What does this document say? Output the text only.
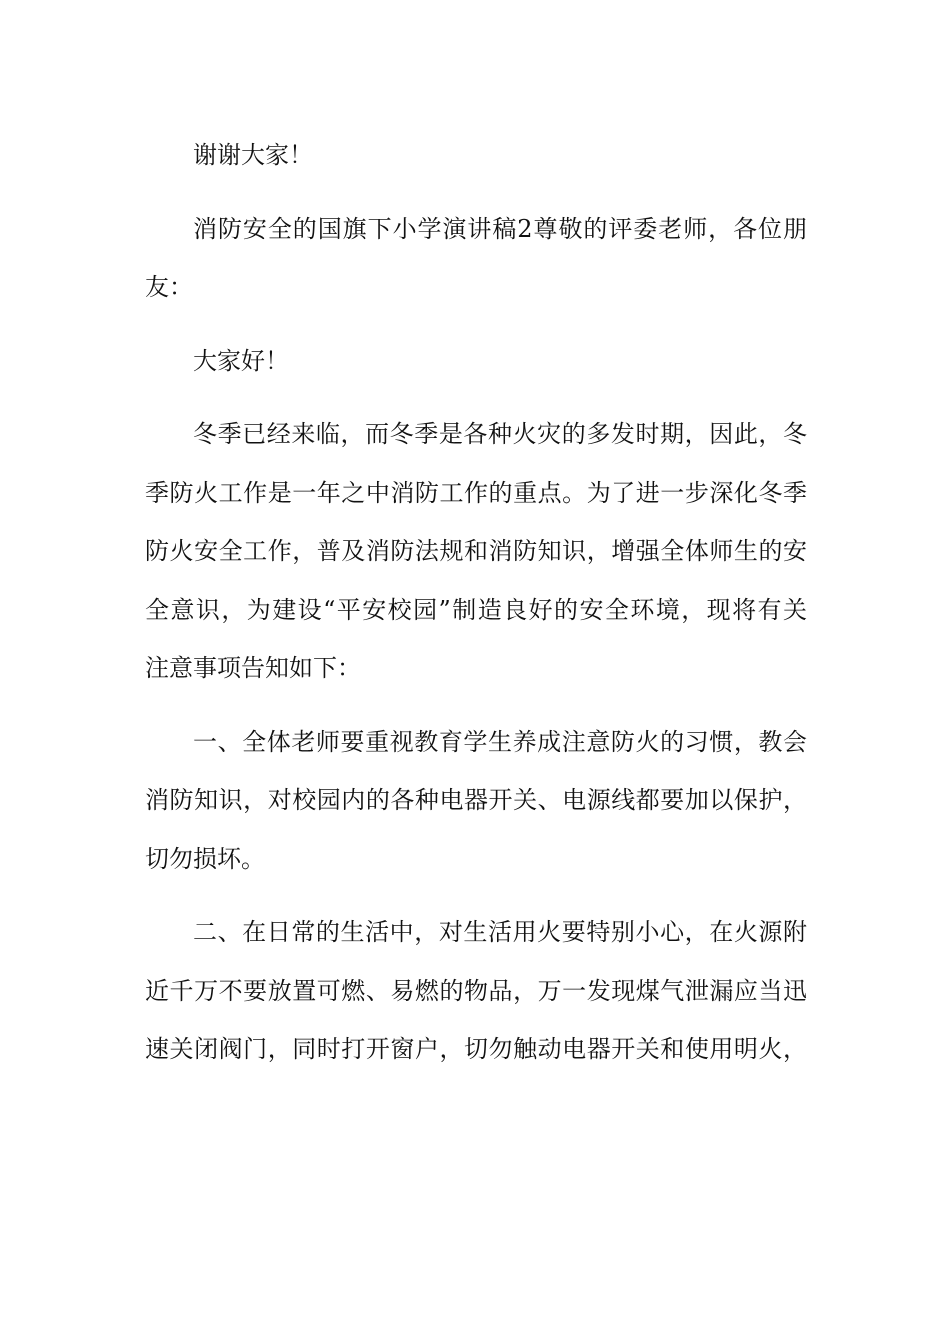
谢谢大家！
消防安全的国旗下小学演讲稿2尊敬的评委老师，各位朋
友：
大家好！
冬季已经来临，而冬季是各种火灾的多发时期，因此，冬
季防火工作是一年之中消防工作的重点。为了进一步深化冬季
防火安全工作，普及消防法规和消防知识，增强全体师生的安
全意识，为建设“平安校园”制造良好的安全环境，现将有关
注意事项告知如下：
一、全体老师要重视教育学生养成注意防火的习惯，教会
消防知识，对校园内的各种电器开关、电源线都要加以保护，
切勿损坏。
二、在日常的生活中，对生活用火要特别小心，在火源附
近千万不要放置可燃、易燃的物品，万一发现煤气泄漏应当迅
速关闭阀门，同时打开窗户，切勿触动电器开关和使用明火，
